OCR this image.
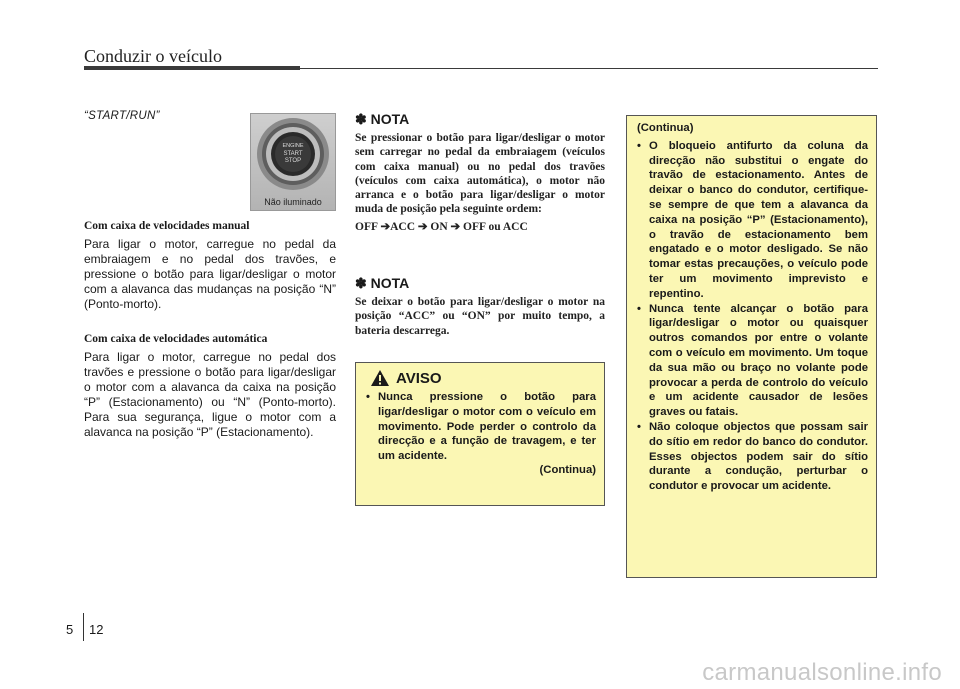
Conduzir o veículo
“START/RUN”
ENGINE
START
STOP
Não iluminado
Com caixa de velocidades manual

Para ligar o motor, carregue no pedal da embraiagem e no pedal dos travões, e pressione o botão para ligar/desligar o motor com a alavanca das mudanças na posição “N” (Ponto-morto).

Com caixa de velocidades automática

Para ligar o motor, carregue no pedal dos travões e pressione o botão para ligar/desligar o motor com a alavanca da caixa na posição “P” (Estacionamento) ou “N” (Ponto-morto). Para sua segurança, ligue o motor com a alavanca na posição “P” (Estacionamento).

✽ NOTA

Se pressionar o botão para ligar/desligar o motor sem carregar no pedal da embraiagem (veículos com caixa manual) ou no pedal dos travões (veículos com caixa automática), o motor não arranca e o botão para ligar/desligar o motor muda de posição pela seguinte ordem:

OFF ➔ACC ➔ ON ➔ OFF ou ACC
✽ NOTA

Se deixar o botão para ligar/desligar o motor na posição “ACC” ou “ON” por muito tempo, a bateria descarrega.

AVISO
• Nunca pressione o botão para ligar/desligar o motor com o veículo em movimento. Pode perder o controlo da direcção e a função de travagem, e ter um acidente.
(Continua)
(Continua)
• O bloqueio antifurto da coluna da direcção não substitui o engate do travão de estacionamento. Antes de deixar o banco do condutor, certifique-se sempre de que tem a alavanca da caixa na posição “P” (Estacionamento), o travão de estacionamento bem engatado e o motor desligado. Se não tomar estas precauções, o veículo pode ter um movimento imprevisto e repentino.
• Nunca tente alcançar o botão para ligar/desligar o motor ou quaisquer outros comandos por entre o volante com o veículo em movimento. Um toque da sua mão ou braço no volante pode provocar a perda de controlo do veículo e um acidente causador de lesões graves ou fatais.
• Não coloque objectos que possam sair do sítio em redor do banco do condutor. Esses objectos podem sair do sítio durante a condução, perturbar o condutor e provocar um acidente.
5 12
carmanualsonline.info
